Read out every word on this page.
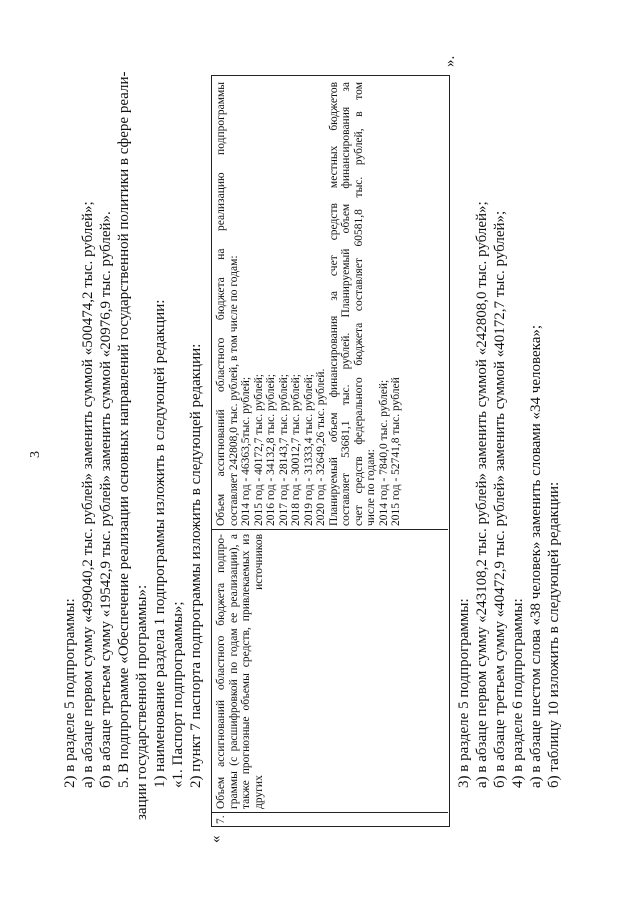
3
2) в разделе 5 подпрограммы: а) в абзаце первом сумму «499040,2 тыс. рублей» заменить суммой «500474,2 тыс. рублей»; б) в абзаце третьем сумму «19542,9 тыс. рублей» заменить суммой «20976,9 тыс. рублей». 5. В подпрограмме «Обеспечение реализации основных направлений государственной политики в сфере реали- зации государственной программы»: 1) наименование раздела 1 подпрограммы изложить в следующей редакции: «1. Паспорт подпрограммы»; 2) пункт 7 паспорта подпрограммы изложить в следующей редакции:
«
7.
Объем ассигнований областного бюджета подпро- граммы (с расшифровкой по годам ее реализации), а также прогнозные объемы средств, привлекаемых из других источников
Объем ассигнований областного бюджета на реализацию подпрограммы составляет 242808,0 тыс. рублей, в том числе по годам: 2014 год - 46363,5тыс. рублей; 2015 год - 40172,7 тыс. рублей; 2016 год - 34132,8 тыс. рублей; 2017 год - 28143,7 тыс. рублей; 2018 год - 30012,7 тыс. рублей; 2019 год - 31333,4 тыс. рублей; 2020 год - 32649,26 тыс. рублей. Планируемый объем финансирования за счет средств местных бюджетов составляет 53681,1 тыс. рублей. Планируемый объем финансирования за счет средств федерального бюджета составляет 60581,8 тыс. рублей, в том числе по годам: 2014 год - 7840,0 тыс. рублей; 2015 год - 52741,8 тыс. рублей
».
3) в разделе 5 подпрограммы: а) в абзаце первом сумму «243108,2 тыс. рублей» заменить суммой «242808,0 тыс. рублей»; б) в абзаце третьем сумму «40472,9 тыс. рублей» заменить суммой «40172,7 тыс. рублей»; 4) в разделе 6 подпрограммы: а) в абзаце шестом слова «38 человек» заменить словами «34 человека»; б) таблицу 10 изложить в следующей редакции:
